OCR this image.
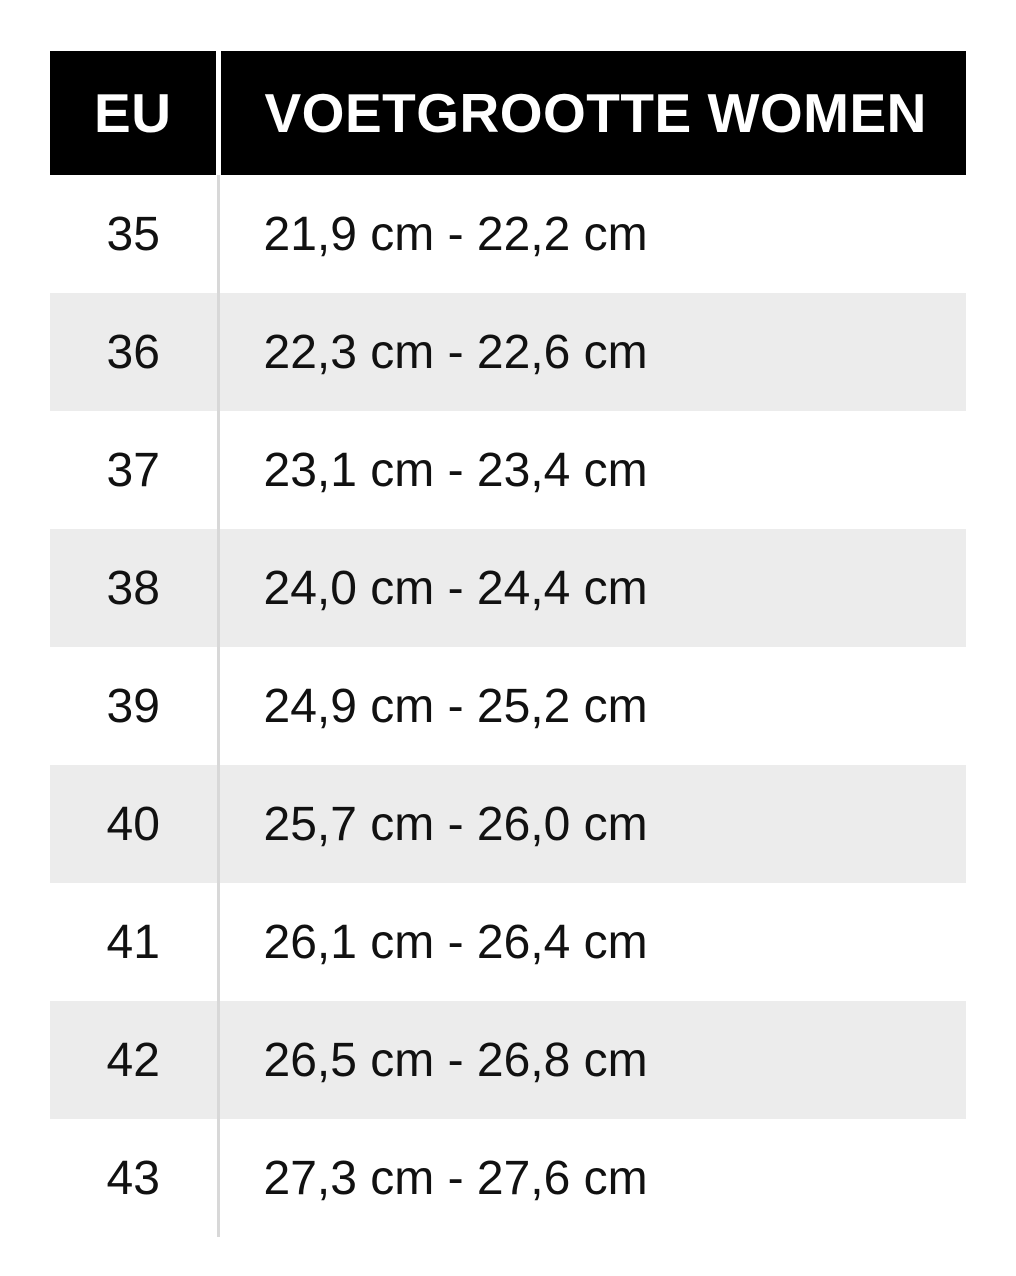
EU	VOETGROOTTE WOMEN
35	21,9 cm - 22,2 cm
36	22,3 cm - 22,6 cm
37	23,1 cm - 23,4 cm
38	24,0 cm - 24,4 cm
39	24,9 cm - 25,2 cm
40	25,7 cm - 26,0 cm
41	26,1 cm - 26,4 cm
42	26,5 cm - 26,8 cm
43	27,3 cm - 27,6 cm
